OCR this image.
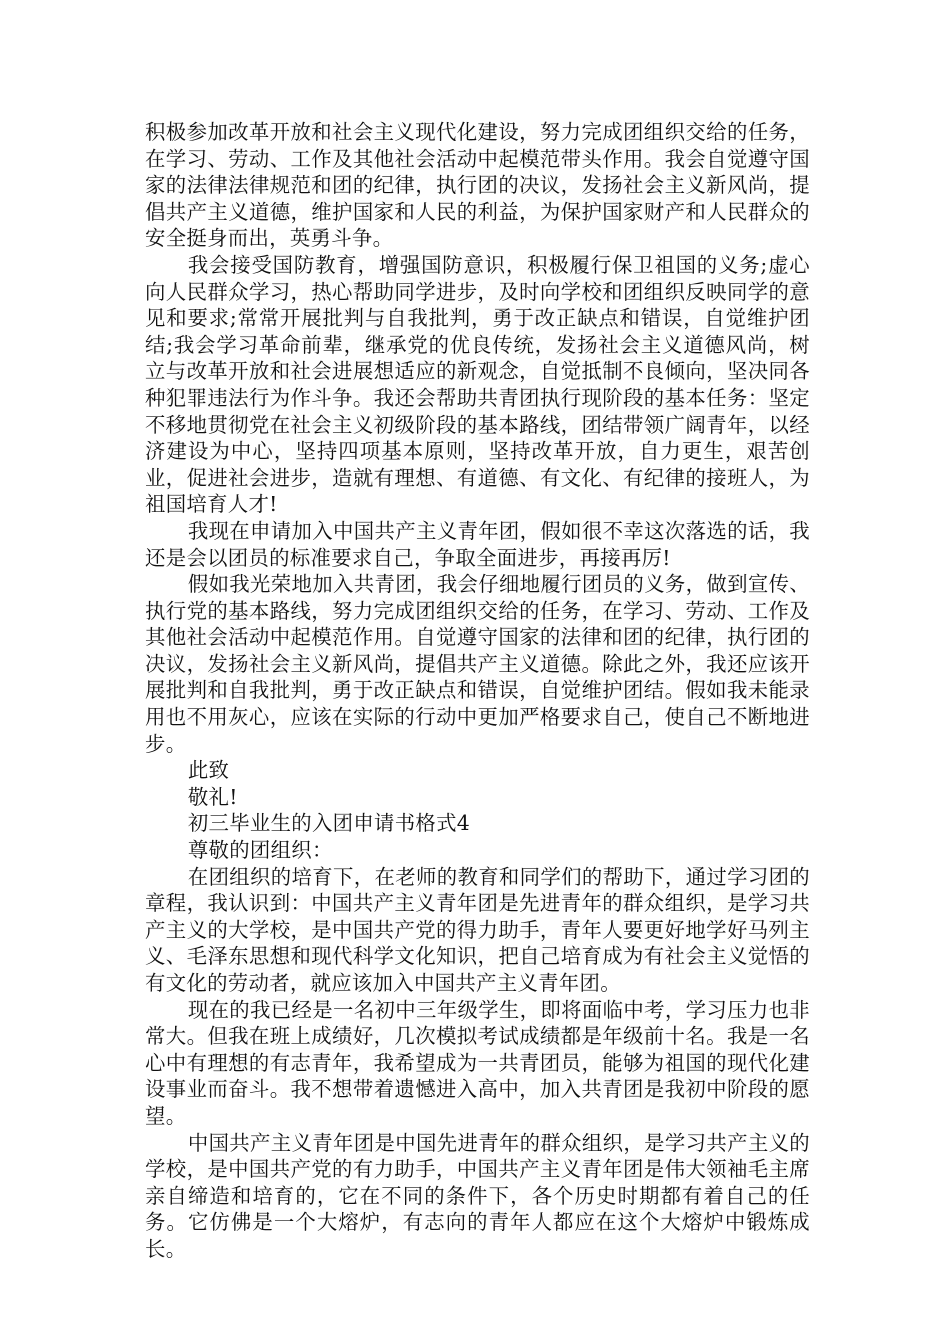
积极参加改革开放和社会主义现代化建设，努力完成团组织交给的任务，在学习、劳动、工作及其他社会活动中起模范带头作用。我会自觉遵守国家的法律法律规范和团的纪律，执行团的决议，发扬社会主义新风尚，提倡共产主义道德，维护国家和人民的利益，为保护国家财产和人民群众的安全挺身而出，英勇斗争。

我会接受国防教育，增强国防意识，积极履行保卫祖国的义务;虚心向人民群众学习，热心帮助同学进步，及时向学校和团组织反映同学的意见和要求;常常开展批判与自我批判，勇于改正缺点和错误，自觉维护团结;我会学习革命前辈，继承党的优良传统，发扬社会主义道德风尚，树立与改革开放和社会进展想适应的新观念，自觉抵制不良倾向，坚决同各种犯罪违法行为作斗争。我还会帮助共青团执行现阶段的基本任务：坚定不移地贯彻党在社会主义初级阶段的基本路线，团结带领广阔青年，以经济建设为中心，坚持四项基本原则，坚持改革开放，自力更生，艰苦创业，促进社会进步，造就有理想、有道德、有文化、有纪律的接班人，为祖国培育人才!

我现在申请加入中国共产主义青年团，假如很不幸这次落选的话，我还是会以团员的标准要求自己，争取全面进步，再接再厉!

假如我光荣地加入共青团，我会仔细地履行团员的义务，做到宣传、执行党的基本路线，努力完成团组织交给的任务，在学习、劳动、工作及其他社会活动中起模范作用。自觉遵守国家的法律和团的纪律，执行团的决议，发扬社会主义新风尚，提倡共产主义道德。除此之外，我还应该开展批判和自我批判，勇于改正缺点和错误，自觉维护团结。假如我未能录用也不用灰心，应该在实际的行动中更加严格要求自己，使自己不断地进步。

此致

敬礼!

初三毕业生的入团申请书格式4

尊敬的团组织：

在团组织的培育下，在老师的教育和同学们的帮助下，通过学习团的章程，我认识到：中国共产主义青年团是先进青年的群众组织，是学习共产主义的大学校，是中国共产党的得力助手，青年人要更好地学好马列主义、毛泽东思想和现代科学文化知识，把自己培育成为有社会主义觉悟的有文化的劳动者，就应该加入中国共产主义青年团。

现在的我已经是一名初中三年级学生，即将面临中考，学习压力也非常大。但我在班上成绩好，几次模拟考试成绩都是年级前十名。我是一名心中有理想的有志青年，我希望成为一共青团员，能够为祖国的现代化建设事业而奋斗。我不想带着遗憾进入高中，加入共青团是我初中阶段的愿望。

中国共产主义青年团是中国先进青年的群众组织，是学习共产主义的学校，是中国共产党的有力助手，中国共产主义青年团是伟大领袖毛主席亲自缔造和培育的，它在不同的条件下，各个历史时期都有着自己的任务。它仿佛是一个大熔炉，有志向的青年人都应在这个大熔炉中锻炼成长。
